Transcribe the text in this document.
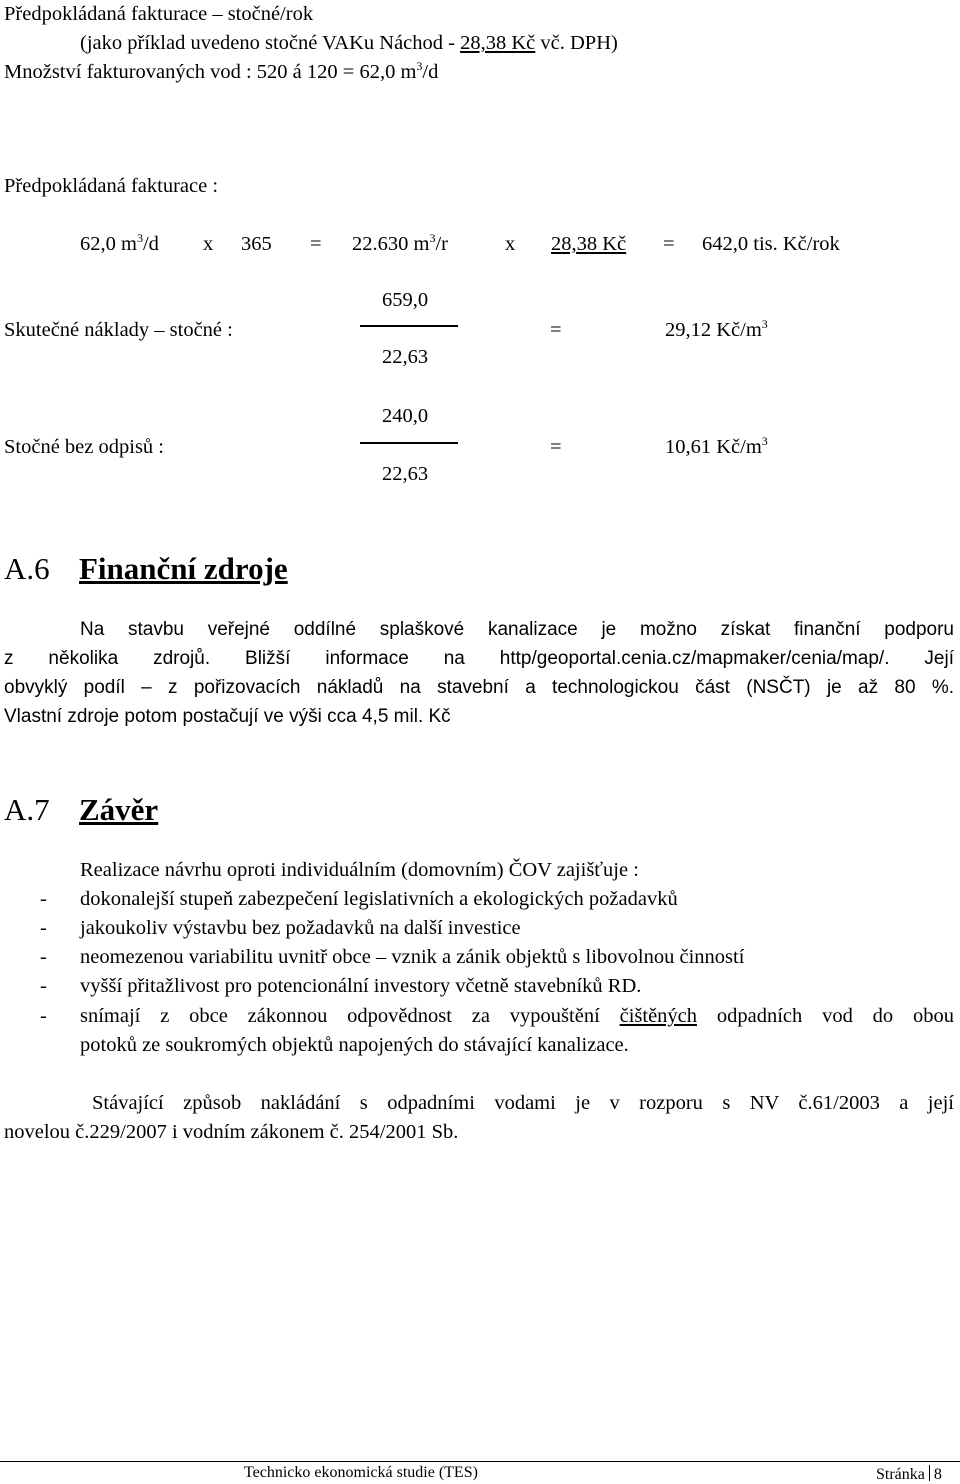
Předpokládaná fakturace – stočné/rok
(jako příklad uvedeno stočné VAKu Náchod - 28,38 Kč vč. DPH)
Množství fakturovaných vod : 520 á 120 = 62,0 $m^3/d$
Předpokládaná fakturace :
62,0 $m^3/d$ x 365 = 22.630 $m^3/r$	x 28,38 Kč = 642,0 tis. Kč/rok
Skutečné náklady – stočné :
659,0
22,63
=	29,12 $Kč/m^3$
Stočné bez odpisů :
240,0
22,63
=	10,61 $Kč/m^3$
A.6 Finanční zdroje
Na stavbu veřejné oddílné splaškové kanalizace je možno získat finanční podporu
z několika zdrojů. Bližší informace na http/geoportal.cenia.cz/mapmaker/cenia/map/. Její
obvyklý podíl – z pořizovacích nákladů na stavební a technologickou část (NSČT) je až 80 %.
Vlastní zdroje potom postačují ve výši cca 4,5 mil. Kč
A.7 Závěr
Realizace návrhu oproti individuálním (domovním) ČOV zajišťuje :
- dokonalejší stupeň zabezpečení legislativních a ekologických požadavků
- jakoukoliv výstavbu bez požadavků na další investice
- neomezenou variabilitu uvnitř obce – vznik a zánik objektů s libovolnou činností
- vyšší přitažlivost pro potencionální investory včetně stavebníků RD.
- snímají z obce zákonnou odpovědnost za vypouštění čištěných odpadních vod do obou
potoků ze soukromých objektů napojených do stávající kanalizace.
Stávající způsob nakládání s odpadními vodami je v rozporu s NV č.61/2003 a její
novelou č.229/2007 i vodním zákonem č. 254/2001 Sb.
Technicko ekonomická studie (TES)	Stránka 8
